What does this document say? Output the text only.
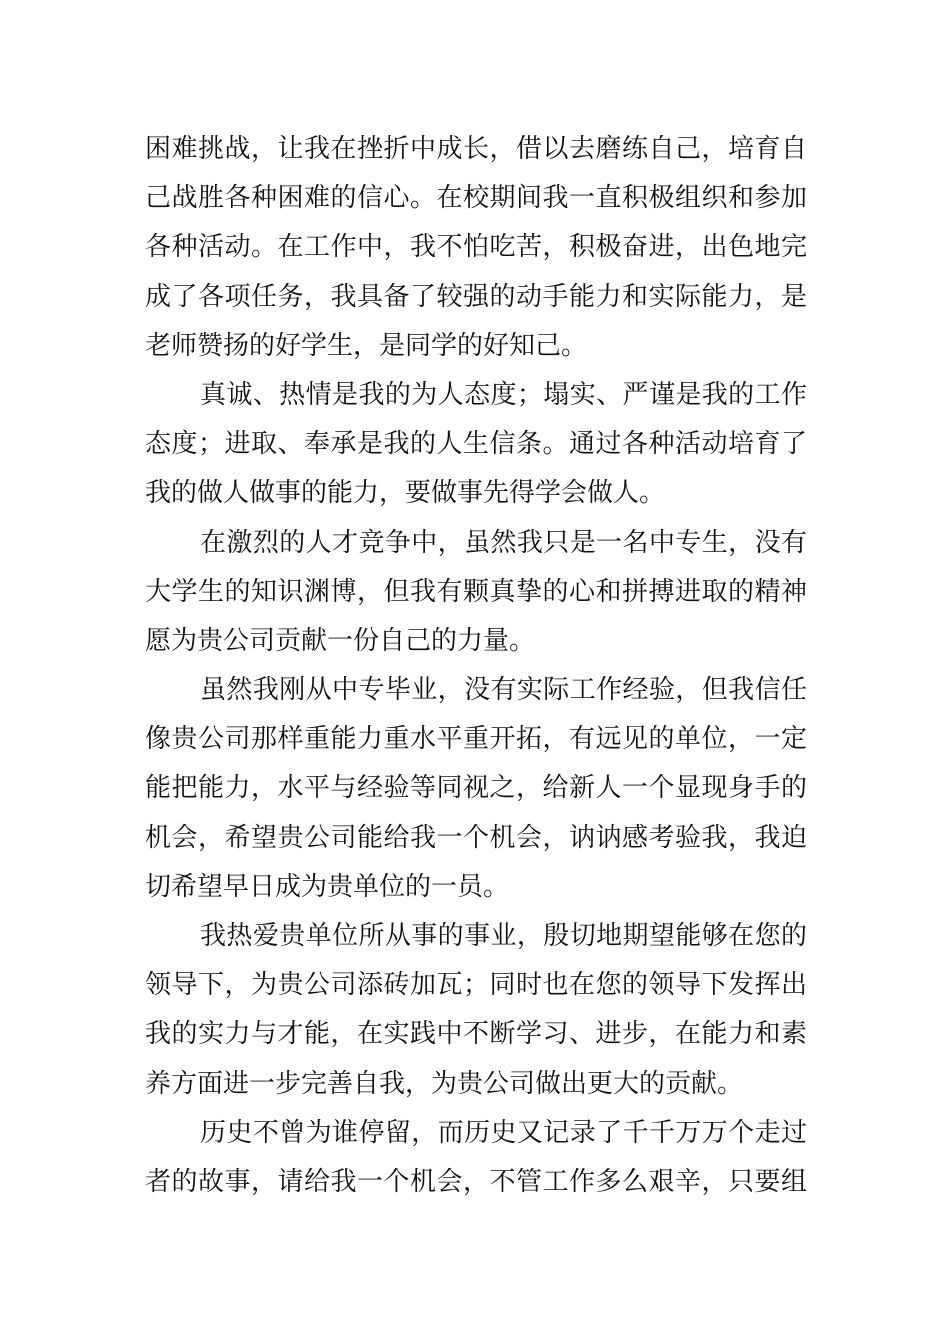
困难挑战，让我在挫折中成长，借以去磨练自己，培育自
己战胜各种困难的信心。在校期间我一直积极组织和参加
各种活动。在工作中，我不怕吃苦，积极奋进，出色地完
成了各项任务，我具备了较强的动手能力和实际能力，是
老师赞扬的好学生，是同学的好知己。
真诚、热情是我的为人态度；塌实、严谨是我的工作
态度；进取、奉承是我的人生信条。通过各种活动培育了
我的做人做事的能力，要做事先得学会做人。
在激烈的人才竞争中，虽然我只是一名中专生，没有
大学生的知识渊博，但我有颗真挚的心和拼搏进取的精神
愿为贵公司贡献一份自己的力量。
虽然我刚从中专毕业，没有实际工作经验，但我信任
像贵公司那样重能力重水平重开拓，有远见的单位，一定
能把能力，水平与经验等同视之，给新人一个显现身手的
机会，希望贵公司能给我一个机会，讷讷感考验我，我迫
切希望早日成为贵单位的一员。
我热爱贵单位所从事的事业，殷切地期望能够在您的
领导下，为贵公司添砖加瓦；同时也在您的领导下发挥出
我的实力与才能，在实践中不断学习、进步，在能力和素
养方面进一步完善自我，为贵公司做出更大的贡献。
历史不曾为谁停留，而历史又记录了千千万万个走过
者的故事，请给我一个机会，不管工作多么艰辛，只要组
